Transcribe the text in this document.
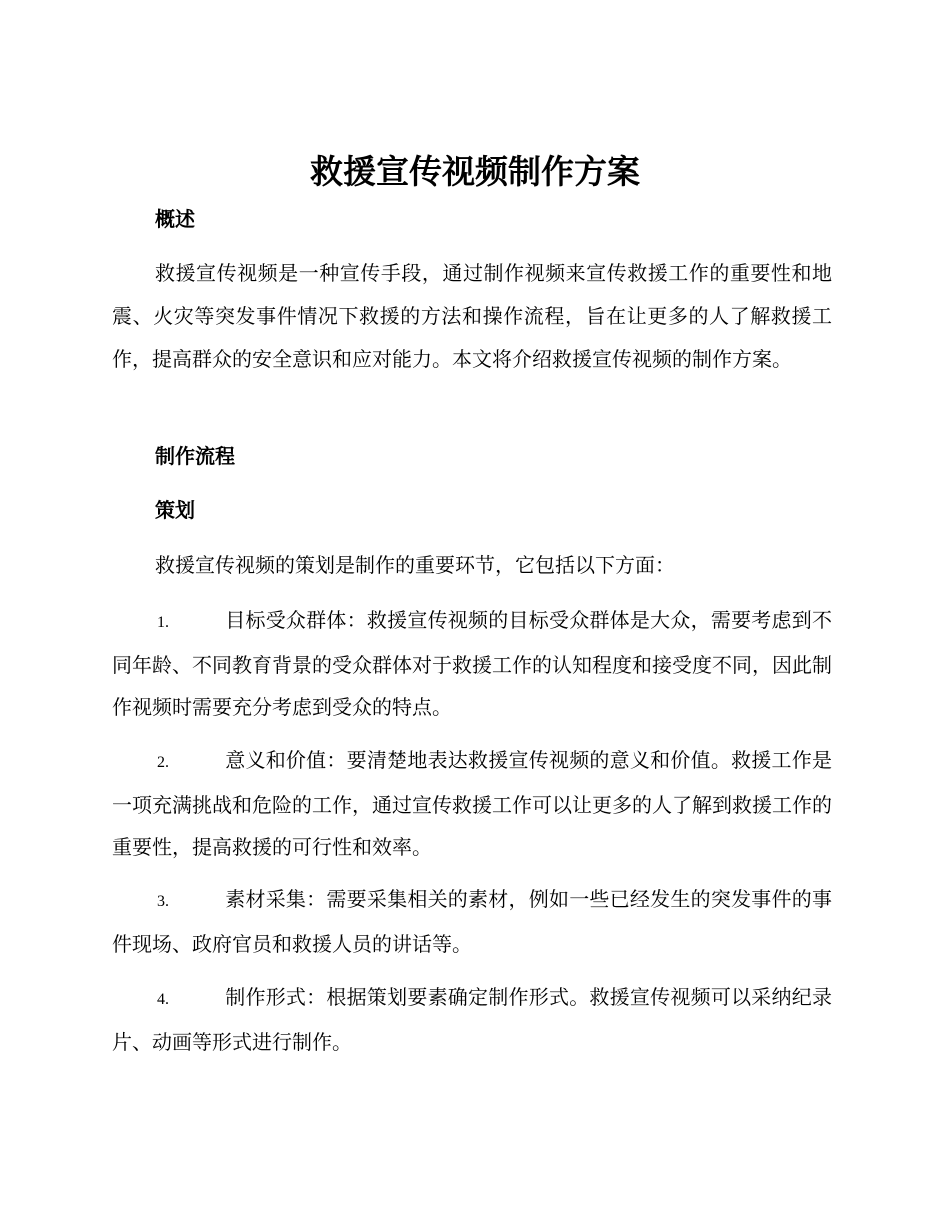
救援宣传视频制作方案
概述

救援宣传视频是一种宣传手段，通过制作视频来宣传救援工作的重要性和地震、火灾等突发事件情况下救援的方法和操作流程，旨在让更多的人了解救援工作，提高群众的安全意识和应对能力。本文将介绍救援宣传视频的制作方案。

制作流程
策划

救援宣传视频的策划是制作的重要环节，它包括以下方面：

1.	目标受众群体：救援宣传视频的目标受众群体是大众，需要考虑到不同年龄、不同教育背景的受众群体对于救援工作的认知程度和接受度不同，因此制作视频时需要充分考虑到受众的特点。

2.	意义和价值：要清楚地表达救援宣传视频的意义和价值。救援工作是一项充满挑战和危险的工作，通过宣传救援工作可以让更多的人了解到救援工作的重要性，提高救援的可行性和效率。

3.	素材采集：需要采集相关的素材，例如一些已经发生的突发事件的事件现场、政府官员和救援人员的讲话等。

4.	制作形式：根据策划要素确定制作形式。救援宣传视频可以采纳纪录片、动画等形式进行制作。
